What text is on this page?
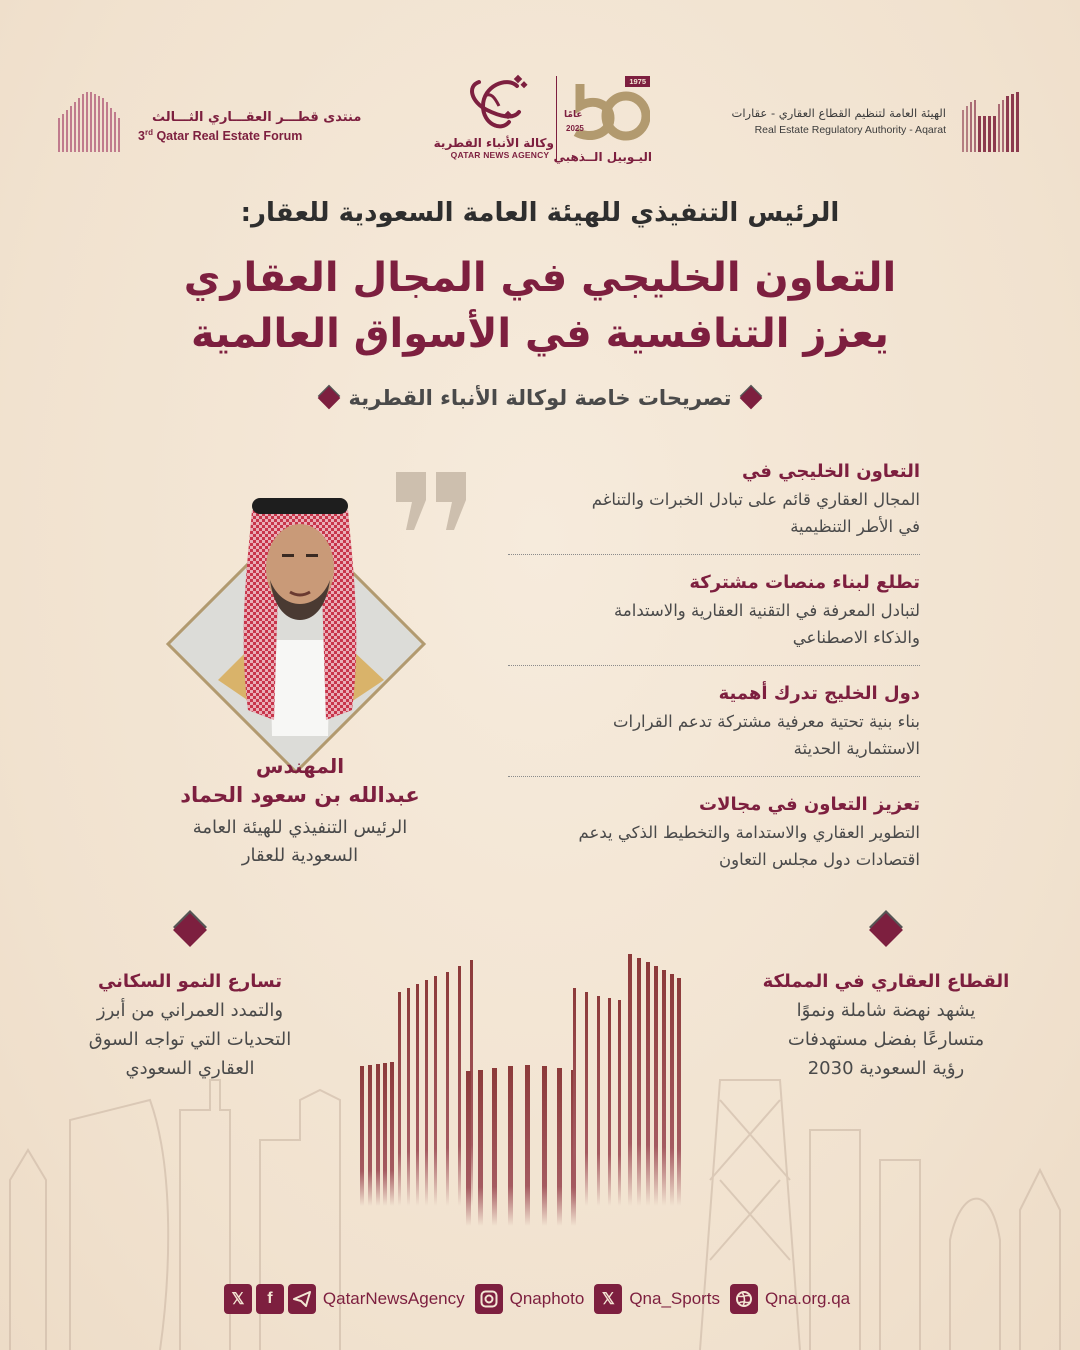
منتدى قطـــر العقـــاري الثـــالث
3rd Qatar Real Estate Forum	وكالة الأنباء القطرية
QATAR NEWS AGENCY
1975
عامًا
2025
اليـوبيل الــذهبي
الهيئة العامة لتنظيم القطاع العقاري - عقارات
Real Estate Regulatory Authority - Aqarat
الرئيس التنفيذي للهيئة العامة السعودية للعقار:
التعاون الخليجي في المجال العقاري
يعزز التنافسية في الأسواق العالمية
تصريحات خاصة لوكالة الأنباء القطرية
المهندس
عبدالله بن سعود الحماد
الرئيس التنفيذي للهيئة العامة
السعودية للعقار
التعاون الخليجي في
المجال العقاري قائم على تبادل الخبرات والتناغم
في الأطر التنظيمية
تطلع لبناء منصات مشتركة
لتبادل المعرفة في التقنية العقارية والاستدامة
والذكاء الاصطناعي
دول الخليج تدرك أهمية
بناء بنية تحتية معرفية مشتركة تدعم القرارات
الاستثمارية الحديثة
تعزيز التعاون في مجالات
التطوير العقاري والاستدامة والتخطيط الذكي يدعم
اقتصادات دول مجلس التعاون
تسارع النمو السكاني
والتمدد العمراني من أبرز
التحديات التي تواجه السوق
العقاري السعودي
القطاع العقاري في المملكة
يشهد نهضة شاملة ونموًا
متسارعًا بفضل مستهدفات
رؤية السعودية 2030
𝕏	f	QatarNewsAgency	Qnaphoto	𝕏 Qna_Sports	Qna.org.qa
